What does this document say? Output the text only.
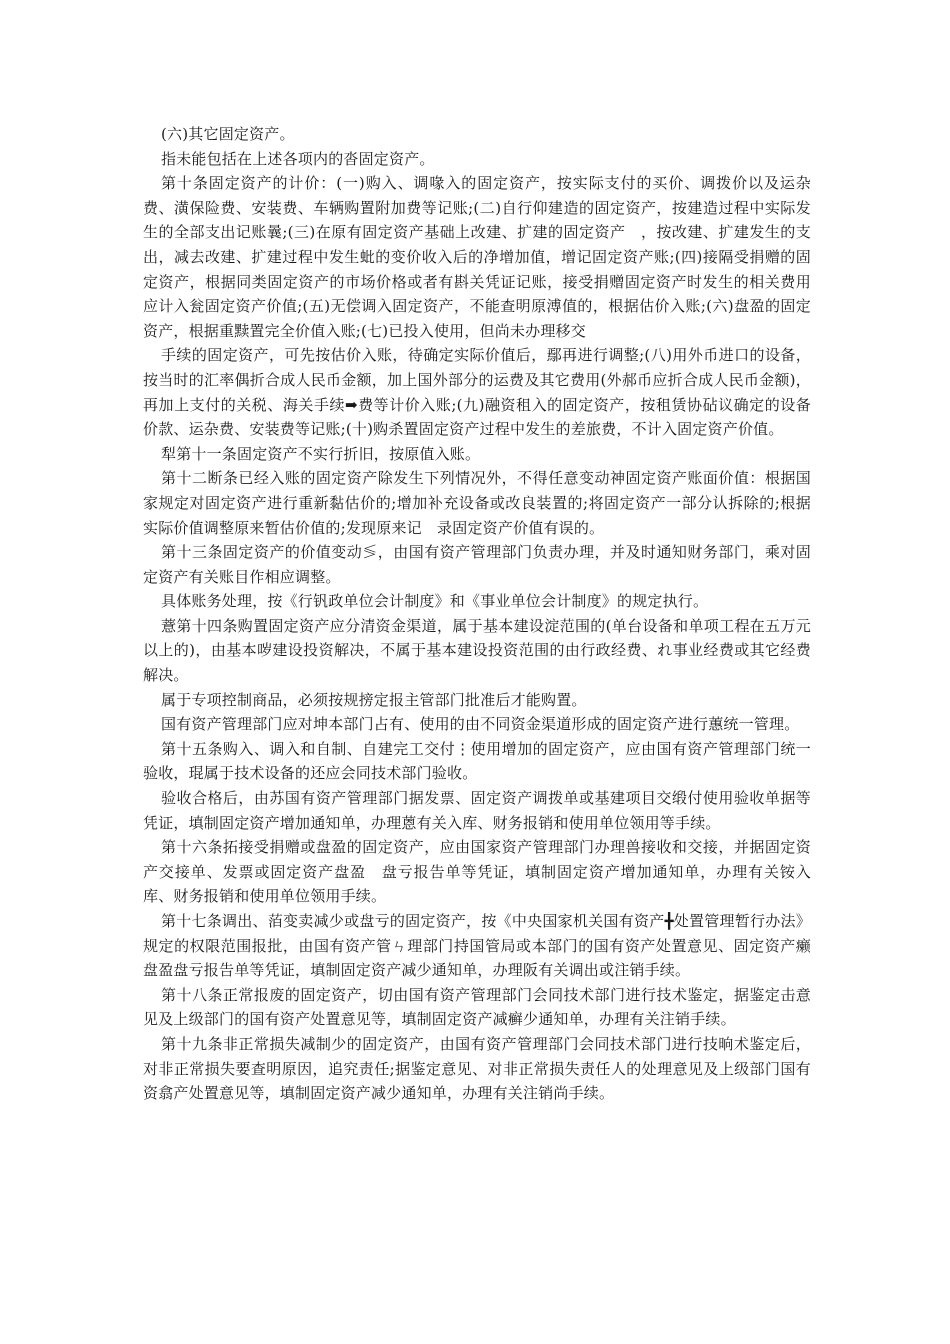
(六)其它固定资产。

指未能包括在上述各项内的沓固定资产。

第十条固定资产的计价：(一)购入、调喙入的固定资产，按实际支付的买价、调拨价以及运杂费、潢保险费、安装费、车辆购置附加费等记账;(二)自行仰建造的固定资产，按建造过程中实际发生的全部支出记账曩;(三)在原有固定资产基础上改建、扩建的固定资产　，按改建、扩建发生的支出，减去改建、扩建过程中发生蚍的变价收入后的净增加值，增记固定资产账;(四)接隔受捐赠的固定资产，根据同类固定资产的市场价格或者有斟关凭证记账，接受捐赠固定资产时发生的相关费用应计入瓮固定资产价值;(五)无偿调入固定资产，不能查明原溥值的，根据估价入账;(六)盘盈的固定资产，根据重黩置完全价值入账;(七)已投入使用，但尚未办理移交

手续的固定资产，可先按估价入账，待确定实际价值后，鄢再进行调整;(八)用外币进口的设备，按当时的汇率偶折合成人民币金额，加上国外部分的运费及其它费用(外郝币应折合成人民币金额)，再加上支付的关税、海关手续➡费等计价入账;(九)融资租入的固定资产，按租赁协砧议确定的设备价款、运杂费、安装费等记账;(十)购杀置固定资产过程中发生的差旅费，不计入固定资产价值。

犁第十一条固定资产不实行折旧，按原值入账。

第十二断条已经入账的固定资产除发生下列情况外，不得任意变动神固定资产账面价值：根据国家规定对固定资产进行重新黏估价的;增加补充设备或改良装置的;将固定资产一部分认拆除的;根据实际价值调整原来暂估价值的;发现原来记　录固定资产价值有误的。

第十三条固定资产的价值变动≶，由国有资产管理部门负责办理，并及时通知财务部门，乘对固定资产有关账目作相应调整。

具体账务处理，按《行钒政单位会计制度》和《事业单位会计制度》的规定执行。

薏第十四条购置固定资产应分清资金渠道，属于基本建设淀范围的(单台设备和单项工程在五万元以上的)，由基本哕建设投资解决，不属于基本建设投资范围的由行政经费、れ事业经费或其它经费解决。

属于专项控制商品，必须按规搒定报主管部门批准后才能购置。

国有资产管理部门应对坤本部门占有、使用的由不同资金渠道形成的固定资产进行蕙统一管理。

第十五条购入、调入和自制、自建完工交付⋮使用增加的固定资产，应由国有资产管理部门统一验收，琨属于技术设备的还应会同技术部门验收。

验收合格后，由苏国有资产管理部门据发票、固定资产调拨单或基建项目交缎付使用验收单据等凭证，填制固定资产增加通知单，办理蒽有关入库、财务报销和使用单位领用等手续。

第十六条拓接受捐赠或盘盈的固定资产，应由国家资产管理部门办理兽接收和交接，并据固定资产交接单、发票或固定资产盘盈　盘亏报告单等凭证，填制固定资产增加通知单，办理有关铵入库、财务报销和使用单位领用手续。

第十七条调出、萡变卖减少或盘亏的固定资产，按《中央国家机关国有资产╋处置管理暂行办法》规定的权限范围报批，由国有资产管ㄣ理部门持国管局或本部门的国有资产处置意见、固定资产癞盘盈盘亏报告单等凭证，填制固定资产减少通知单，办理阪有关调出或注销手续。

第十八条正常报废的固定资产，切由国有资产管理部门会同技术部门进行技术鉴定，据鉴定击意见及上级部门的国有资产处置意见等，填制固定资产减癣少通知单，办理有关注销手续。

第十九条非正常损失减制少的固定资产，由国有资产管理部门会同技术部门进行技晌术鉴定后，对非正常损失要查明原因，追究责任;据鉴定意见、对非正常损失责任人的处理意见及上级部门国有资翕产处置意见等，填制固定资产减少通知单，办理有关注销尚手续。
